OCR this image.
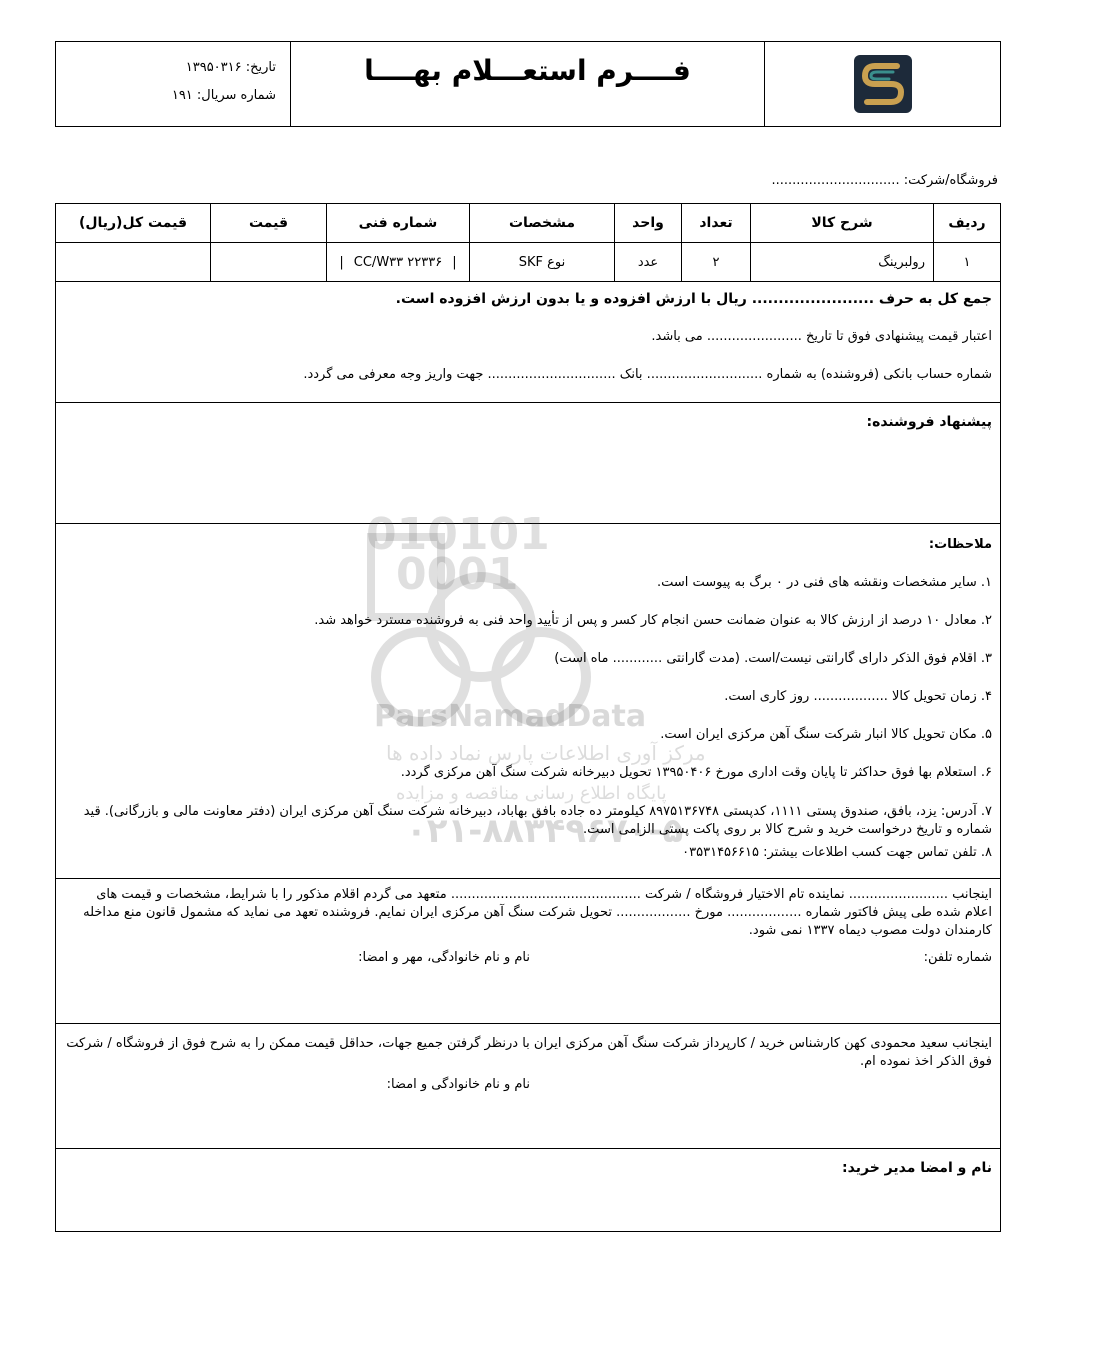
فــــرم استعـــلام بهــــا
تاریخ: ۱۳۹۵۰۳۱۶
شماره سریال: ۱۹۱
فروشگاه/شرکت: ...............................
ردیف	شرح کالا	تعداد	واحد	مشخصات	شماره فنی	قیمت	قیمت کل(ریال)
۱	رولبرینگ	۲	عدد	نوع SKF	|۲۲۳۳۶ CC/W۳۳|		
جمع کل به حرف ....................... ریال با ارزش افزوده و یا بدون ارزش افزوده است.
اعتبار قیمت پیشنهادی فوق تا تاریخ ....................... می باشد.
شماره حساب بانکی (فروشنده) به شماره ............................ بانک ............................... جهت واریز وجه معرفی می گردد.
پیشنهاد فروشنده:
010101
0001
ParsNamadData
مرکز آوری اطلاعات پارس نماد داده ها
پایگاه اطلاع رسانی مناقصه و مزایده
۰۲۱-۸۸۳۴۹۶۷۰-۵
ملاحظات:
۱. سایر مشخصات ونقشه های فنی در ۰ برگ به پیوست است.
۲. معادل ۱۰ درصد از ارزش کالا به عنوان ضمانت حسن انجام کار کسر و پس از تأیید واحد فنی به فروشنده مسترد خواهد شد.
۳. اقلام فوق الذکر دارای گارانتی نیست/است. (مدت گارانتی ............ ماه است)
۴. زمان تحویل کالا .................. روز کاری است.
۵. مکان تحویل کالا انبار شرکت سنگ آهن مرکزی ایران است.
۶. استعلام بها فوق حداکثر تا پایان وقت اداری مورخ ۱۳۹۵۰۴۰۶ تحویل دبیرخانه شرکت سنگ آهن مرکزی گردد.
۷. آدرس: یزد، بافق، صندوق پستی ۱۱۱۱، کدپستی ۸۹۷۵۱۳۶۷۴۸ کیلومتر ده جاده بافق بهاباد، دبیرخانه شرکت سنگ آهن مرکزی ایران (دفتر معاونت مالی و بازرگانی). قید شماره و تاریخ درخواست خرید و شرح کالا بر روی پاکت پستی الزامی است.
۸. تلفن تماس جهت کسب اطلاعات بیشتر: ۰۳۵۳۱۴۵۶۶۱۵
اینجانب ........................ نماینده تام الاختیار فروشگاه / شرکت .............................................. متعهد می گردم اقلام مذکور را با شرایط، مشخصات و قیمت های اعلام شده طی پیش فاکتور شماره .................. مورخ .................. تحویل شرکت سنگ آهن مرکزی ایران نمایم. فروشنده تعهد می نماید که مشمول قانون منع مداخله کارمندان دولت مصوب دیماه ۱۳۳۷ نمی شود.
شماره تلفن:
نام و نام خانوادگی، مهر و امضا:
اینجانب سعید محمودی کهن کارشناس خرید / کارپرداز شرکت سنگ آهن مرکزی ایران با درنظر گرفتن جمیع جهات، حداقل قیمت ممکن را به شرح فوق از فروشگاه / شرکت فوق الذکر اخذ نموده ام.
نام و نام خانوادگی و امضا:
نام و امضا مدیر خرید:
